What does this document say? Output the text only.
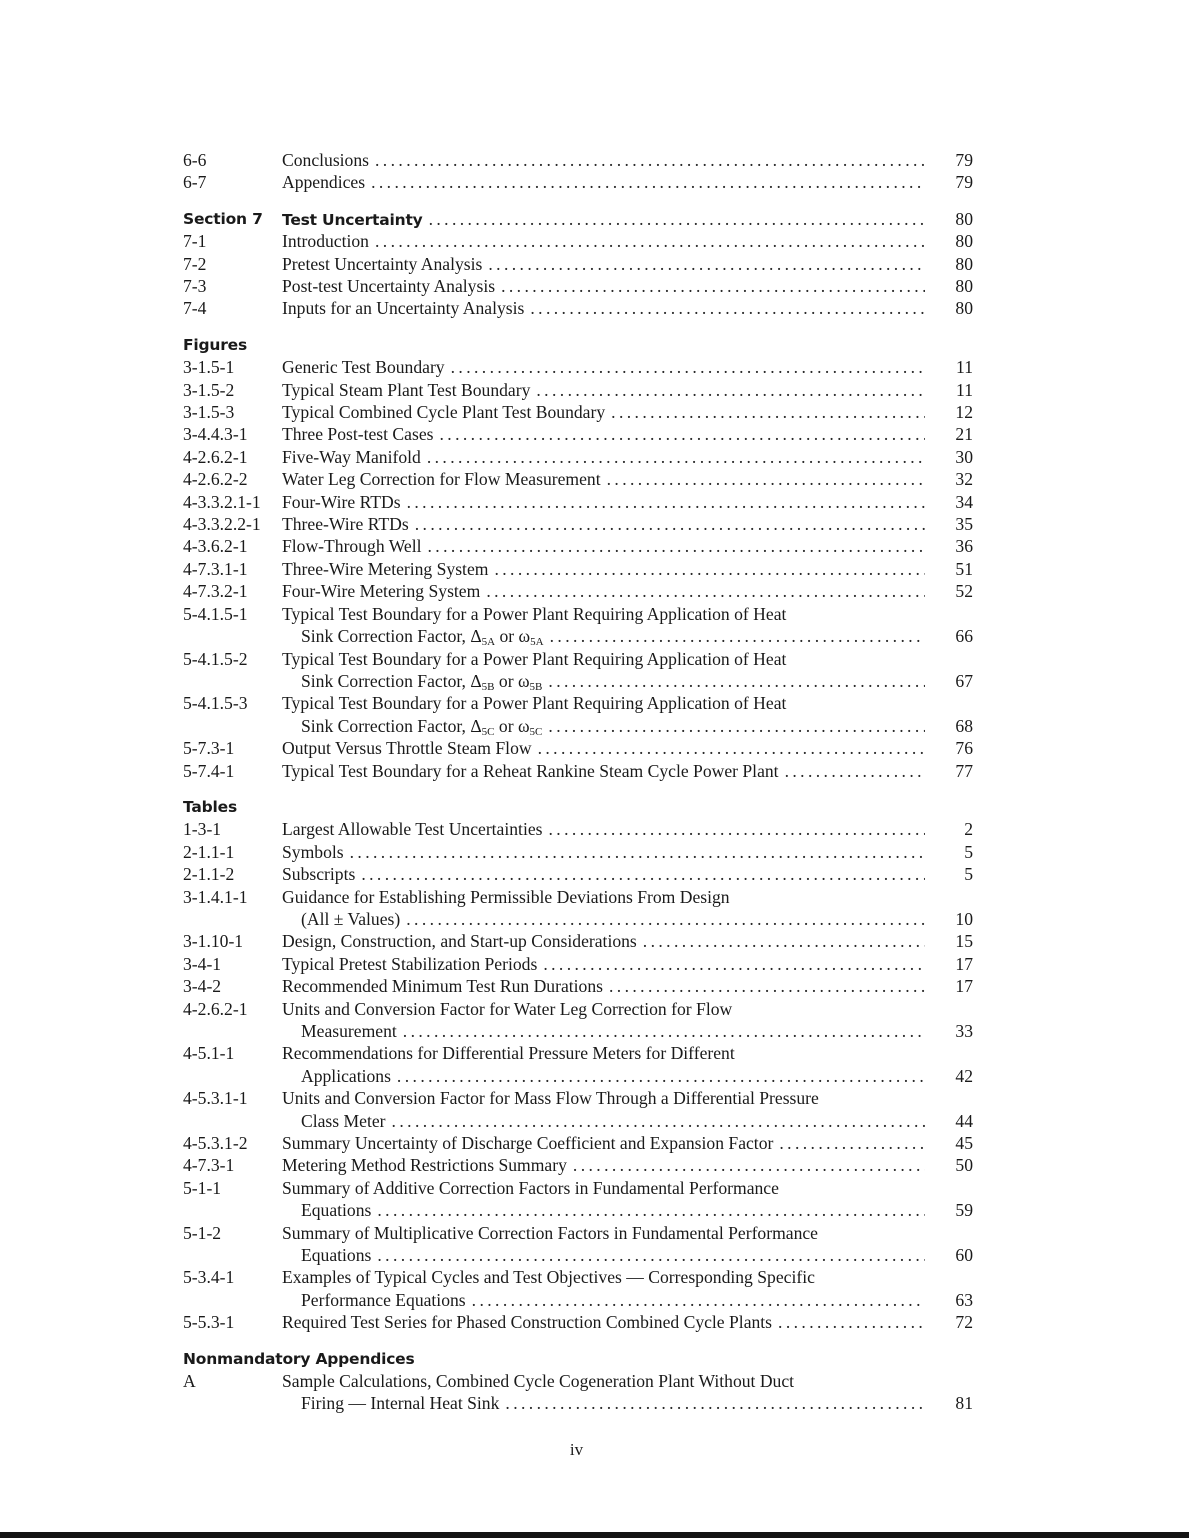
6-6	Conclusions . . .	79
6-7	Appendices . . .	79
Section 7	Test Uncertainty . . .	80
7-1	Introduction . . .	80
7-2	Pretest Uncertainty Analysis . . .	80
7-3	Post-test Uncertainty Analysis . . .	80
7-4	Inputs for an Uncertainty Analysis . . .	80
Figures
3-1.5-1	Generic Test Boundary . . .	11
3-1.5-2	Typical Steam Plant Test Boundary . . .	11
3-1.5-3	Typical Combined Cycle Plant Test Boundary . . .	12
3-4.4.3-1	Three Post-test Cases . . .	21
4-2.6.2-1	Five-Way Manifold . . .	30
4-2.6.2-2	Water Leg Correction for Flow Measurement . . .	32
4-3.3.2.1-1	Four-Wire RTDs . . .	34
4-3.3.2.2-1	Three-Wire RTDs . . .	35
4-3.6.2-1	Flow-Through Well . . .	36
4-7.3.1-1	Three-Wire Metering System . . .	51
4-7.3.2-1	Four-Wire Metering System . . .	52
5-4.1.5-1	Typical Test Boundary for a Power Plant Requiring Application of Heat
Sink Correction Factor, $\Delta_{5A}$ or $\omega_{5A}$ . . .	66
5-4.1.5-2	Typical Test Boundary for a Power Plant Requiring Application of Heat
Sink Correction Factor, $\Delta_{5B}$ or $\omega_{5B}$ . . .	67
5-4.1.5-3	Typical Test Boundary for a Power Plant Requiring Application of Heat
Sink Correction Factor, $\Delta_{5C}$ or $\omega_{5C}$ . . .	68
5-7.3-1	Output Versus Throttle Steam Flow . . .	76
5-7.4-1	Typical Test Boundary for a Reheat Rankine Steam Cycle Power Plant . . .	77
Tables
1-3-1	Largest Allowable Test Uncertainties . . .	2
2-1.1-1	Symbols . . .	5
2-1.1-2	Subscripts . . .	5
3-1.4.1-1	Guidance for Establishing Permissible Deviations From Design
(All ± Values) . . .	10
3-1.10-1	Design, Construction, and Start-up Considerations . . .	15
3-4-1	Typical Pretest Stabilization Periods . . .	17
3-4-2	Recommended Minimum Test Run Durations . . .	17
4-2.6.2-1	Units and Conversion Factor for Water Leg Correction for Flow
Measurement . . .	33
4-5.1-1	Recommendations for Differential Pressure Meters for Different
Applications . . .	42
4-5.3.1-1	Units and Conversion Factor for Mass Flow Through a Differential Pressure
Class Meter . . .	44
4-5.3.1-2	Summary Uncertainty of Discharge Coefficient and Expansion Factor . . .	45
4-7.3-1	Metering Method Restrictions Summary . . .	50
5-1-1	Summary of Additive Correction Factors in Fundamental Performance
Equations . . .	59
5-1-2	Summary of Multiplicative Correction Factors in Fundamental Performance
Equations . . .	60
5-3.4-1	Examples of Typical Cycles and Test Objectives — Corresponding Specific
Performance Equations . . .	63
5-5.3-1	Required Test Series for Phased Construction Combined Cycle Plants . . .	72
Nonmandatory Appendices
A	Sample Calculations, Combined Cycle Cogeneration Plant Without Duct
Firing — Internal Heat Sink . . .	81
iv
